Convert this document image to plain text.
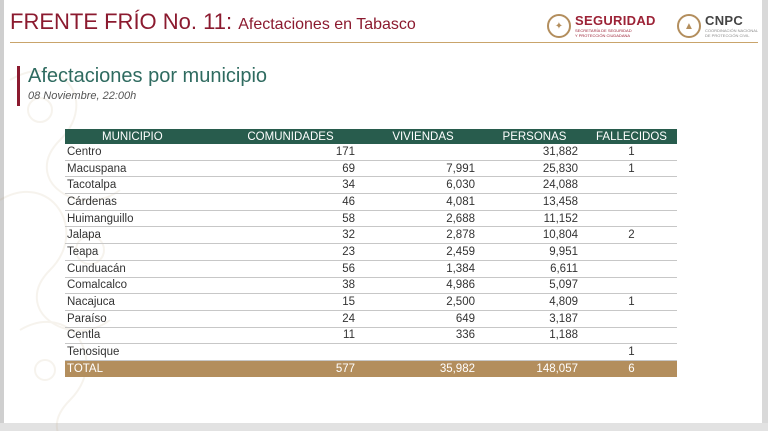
FRENTE FRÍO No. 11: Afectaciones en Tabasco	✦ SEGURIDAD
SECRETARÍA DE SEGURIDAD
Y PROTECCIÓN CIUDADANA
▲ CNPC
COORDINACIÓN NACIONAL
DE PROTECCIÓN CIVIL
Afectaciones por municipio
08 Noviembre, 22:00h
MUNICIPIO	COMUNIDADES	VIVIENDAS	PERSONAS	FALLECIDOS
Centro	171		31,882	1
Macuspana	69	7,991	25,830	1
Tacotalpa	34	6,030	24,088	
Cárdenas	46	4,081	13,458	
Huimanguillo	58	2,688	11,152	
Jalapa	32	2,878	10,804	2
Teapa	23	2,459	9,951	
Cunduacán	56	1,384	6,611	
Comalcalco	38	4,986	5,097	
Nacajuca	15	2,500	4,809	1
Paraíso	24	649	3,187	
Centla	11	336	1,188	
Tenosique				1
TOTAL	577	35,982	148,057	6
